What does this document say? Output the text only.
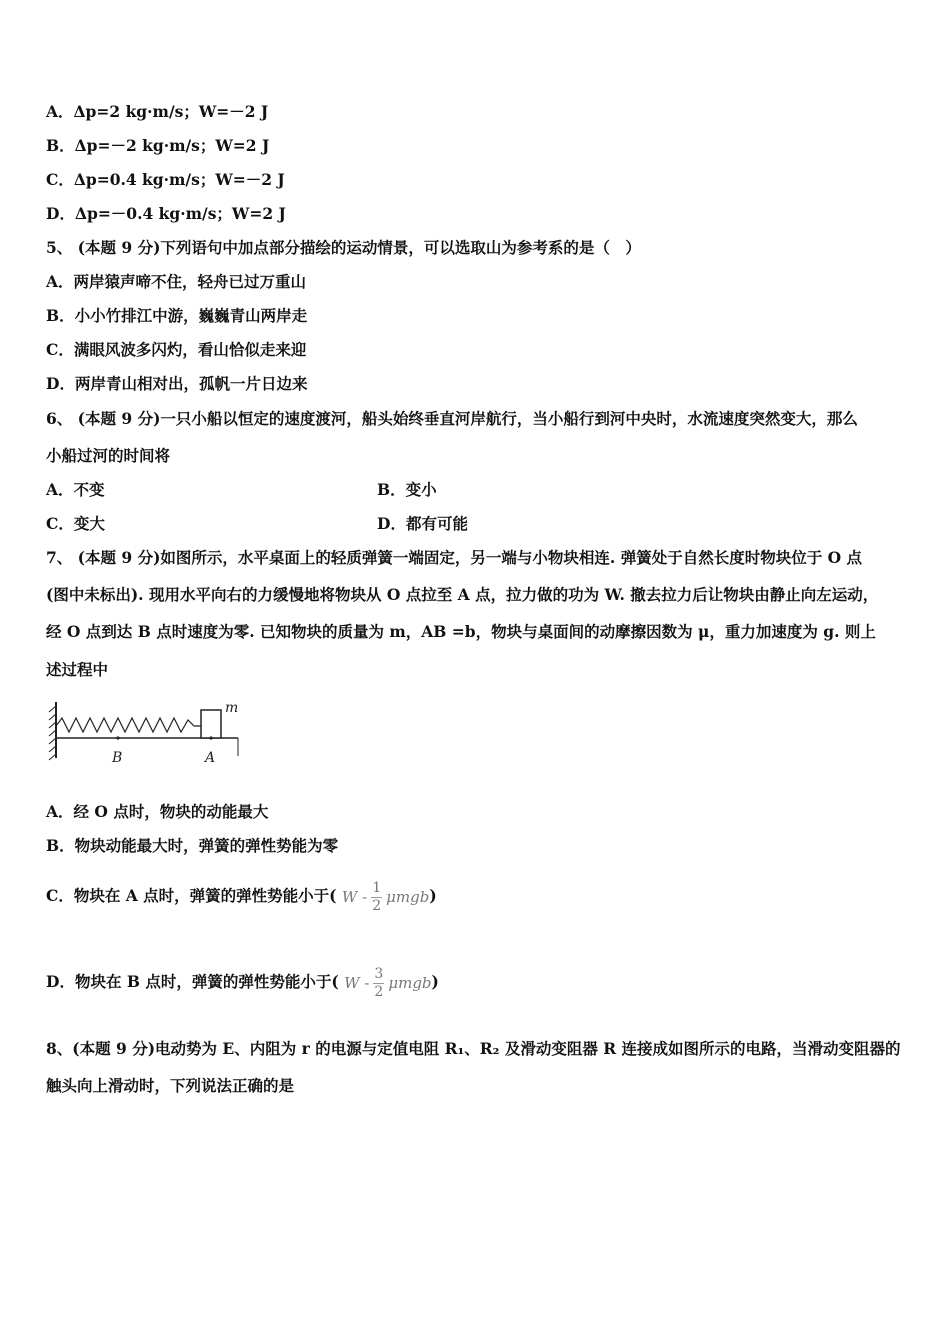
A．Δp=2 kg·m/s；W=－2 J
B．Δp=－2 kg·m/s；W=2 J
C．Δp=0.4 kg·m/s；W=－2 J
D．Δp=－0.4 kg·m/s；W=2 J
5、 (本题 9 分)下列语句中加点部分描绘的运动情景，可以选取山为参考系的是（　）
A．两岸猿声啼不住，轻舟已过万重山
B．小小竹排江中游，巍巍青山两岸走
C．满眼风波多闪灼，看山恰似走来迎
D．两岸青山相对出，孤帆一片日边来
6、 (本题 9 分)一只小船以恒定的速度渡河，船头始终垂直河岸航行，当小船行到河中央时，水流速度突然变大，那么
小船过河的时间将
A．不变	B．变小
C．变大	D．都有可能
7、 (本题 9 分)如图所示，水平桌面上的轻质弹簧一端固定，另一端与小物块相连. 弹簧处于自然长度时物块位于 O 点
(图中未标出). 现用水平向右的力缓慢地将物块从 O 点拉至 A 点，拉力做的功为 W. 撤去拉力后让物块由静止向左运动，
经 O 点到达 B 点时速度为零. 已知物块的质量为 m，AB =b，物块与桌面间的动摩擦因数为 μ，重力加速度为 g. 则上
述过程中
m
B	A
A．经 O 点时，物块的动能最大
B．物块动能最大时，弹簧的弹性势能为零
C．物块在 A 点时，弹簧的弹性势能小于( W - $\frac{1}{2}$ μmgb )
D．物块在 B 点时，弹簧的弹性势能小于( W - $\frac{3}{2}$ μmgb )
8、(本题 9 分)电动势为 E、内阻为 r 的电源与定值电阻 R₁、R₂ 及滑动变阻器 R 连接成如图所示的电路，当滑动变阻器的
触头向上滑动时，下列说法正确的是
